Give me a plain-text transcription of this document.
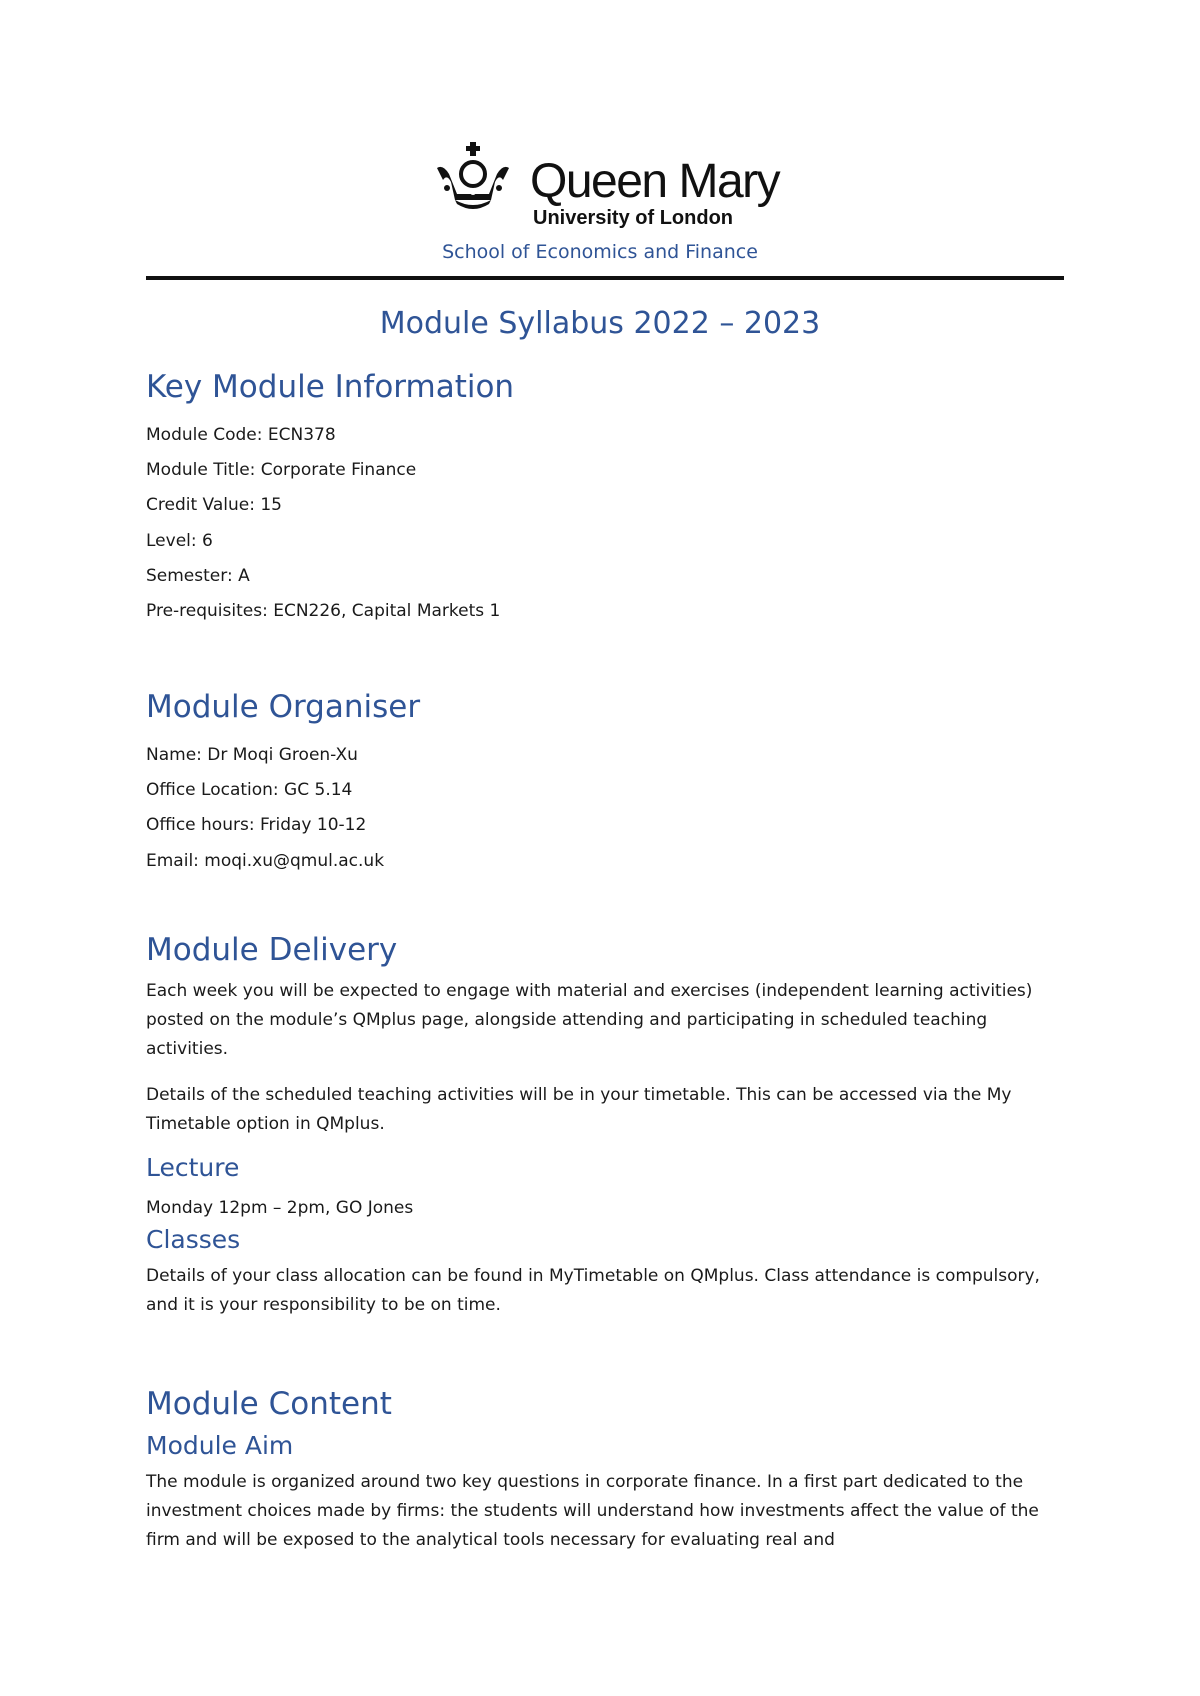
Queen Mary
University of London
School of Economics and Finance
Module Syllabus 2022 – 2023
Key Module Information
Module Code: ECN378
Module Title: Corporate Finance
Credit Value: 15
Level: 6
Semester: A
Pre-requisites: ECN226, Capital Markets 1
Module Organiser
Name: Dr Moqi Groen-Xu
Office Location: GC 5.14
Office hours: Friday 10-12
Email: moqi.xu@qmul.ac.uk
Module Delivery
Each week you will be expected to engage with material and exercises (independent learning activities) posted on the module’s QMplus page, alongside attending and participating in scheduled teaching activities.
Details of the scheduled teaching activities will be in your timetable. This can be accessed via the My Timetable option in QMplus.
Lecture
Monday 12pm – 2pm, GO Jones
Classes
Details of your class allocation can be found in MyTimetable on QMplus. Class attendance is compulsory, and it is your responsibility to be on time.
Module Content
Module Aim
The module is organized around two key questions in corporate finance. In a first part dedicated to the investment choices made by firms: the students will understand how investments affect the value of the firm and will be exposed to the analytical tools necessary for evaluating real and
